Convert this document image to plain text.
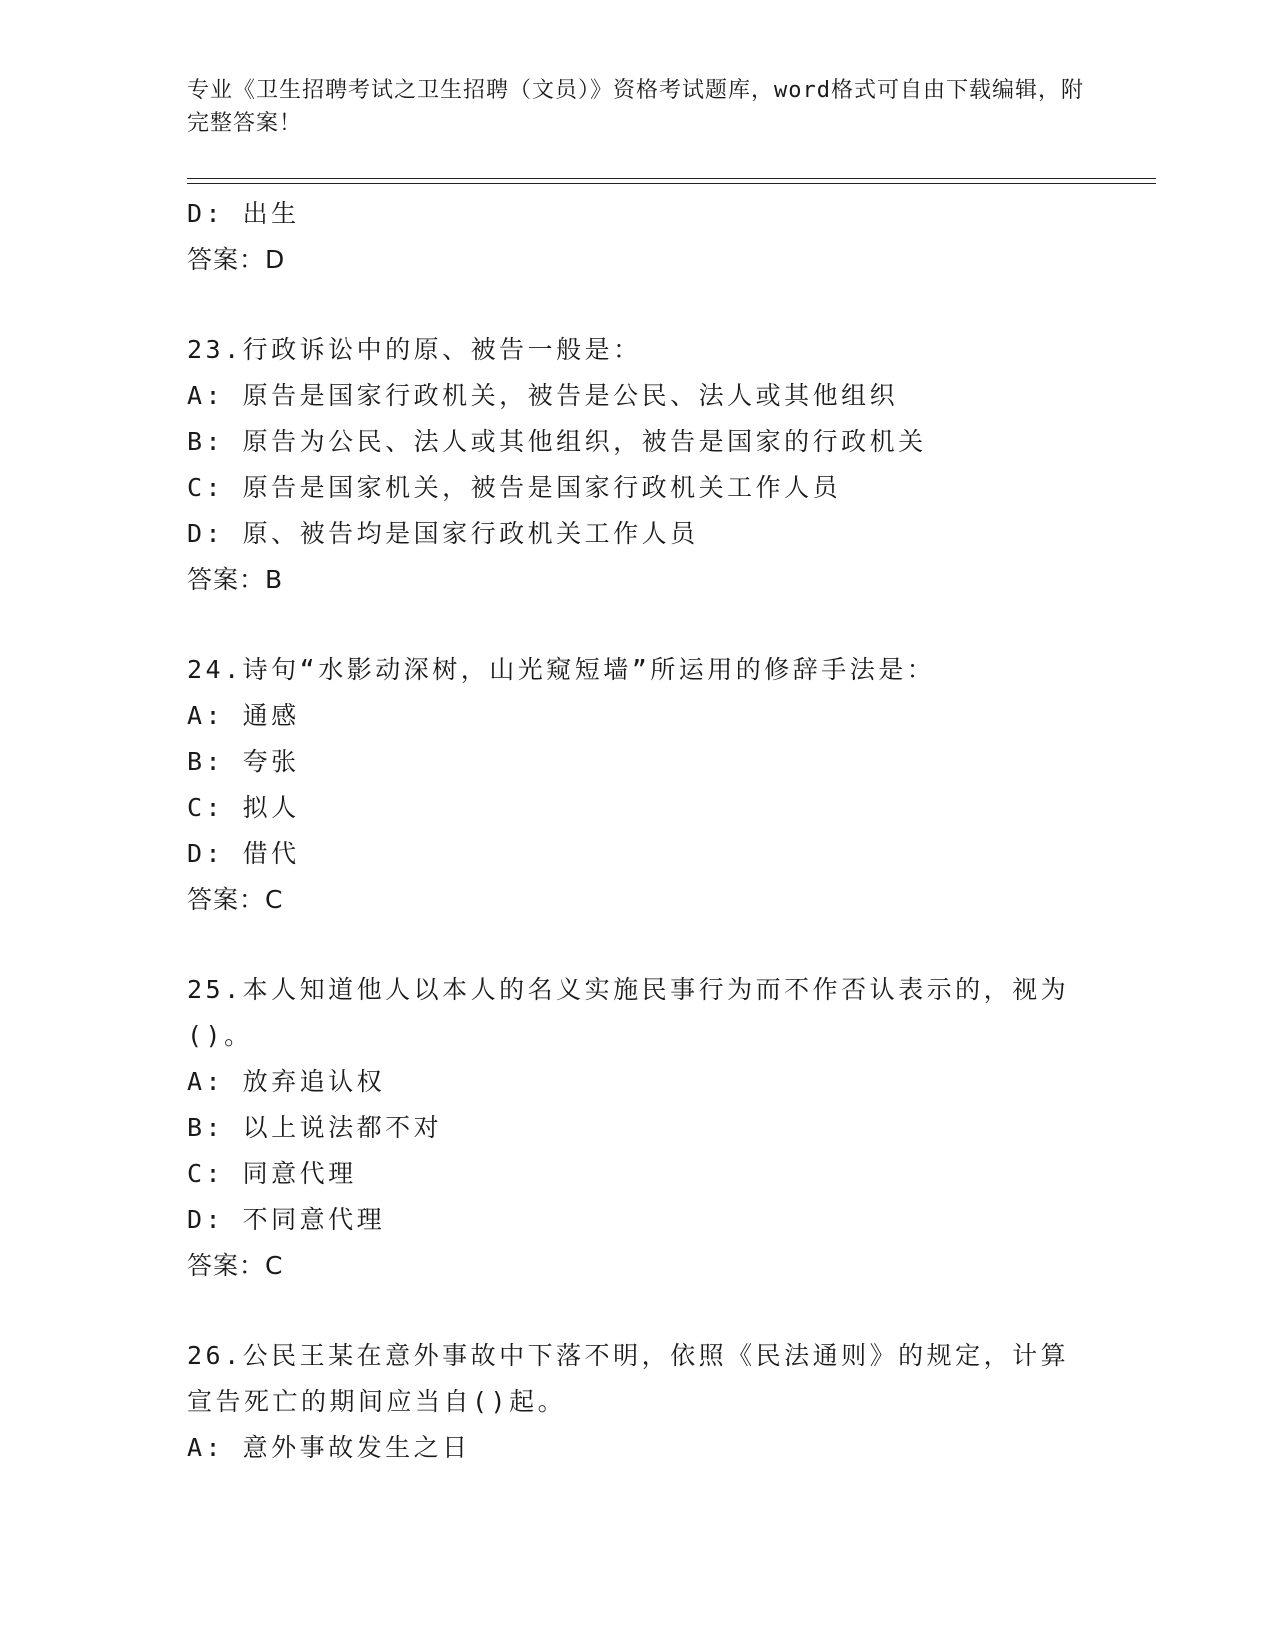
专业《卫生招聘考试之卫生招聘（文员）》资格考试题库，word格式可自由下载编辑，附完整答案！
D: 出生
答案：D
23.行政诉讼中的原、被告一般是：
A: 原告是国家行政机关，被告是公民、法人或其他组织
B: 原告为公民、法人或其他组织，被告是国家的行政机关
C: 原告是国家机关，被告是国家行政机关工作人员
D: 原、被告均是国家行政机关工作人员
答案：B
24.诗句“水影动深树，山光窥短墙”所运用的修辞手法是：
A: 通感
B: 夸张
C: 拟人
D: 借代
答案：C
25.本人知道他人以本人的名义实施民事行为而不作否认表示的，视为()。
A: 放弃追认权
B: 以上说法都不对
C: 同意代理
D: 不同意代理
答案：C
26.公民王某在意外事故中下落不明，依照《民法通则》的规定，计算宣告死亡的期间应当自()起。
A: 意外事故发生之日
